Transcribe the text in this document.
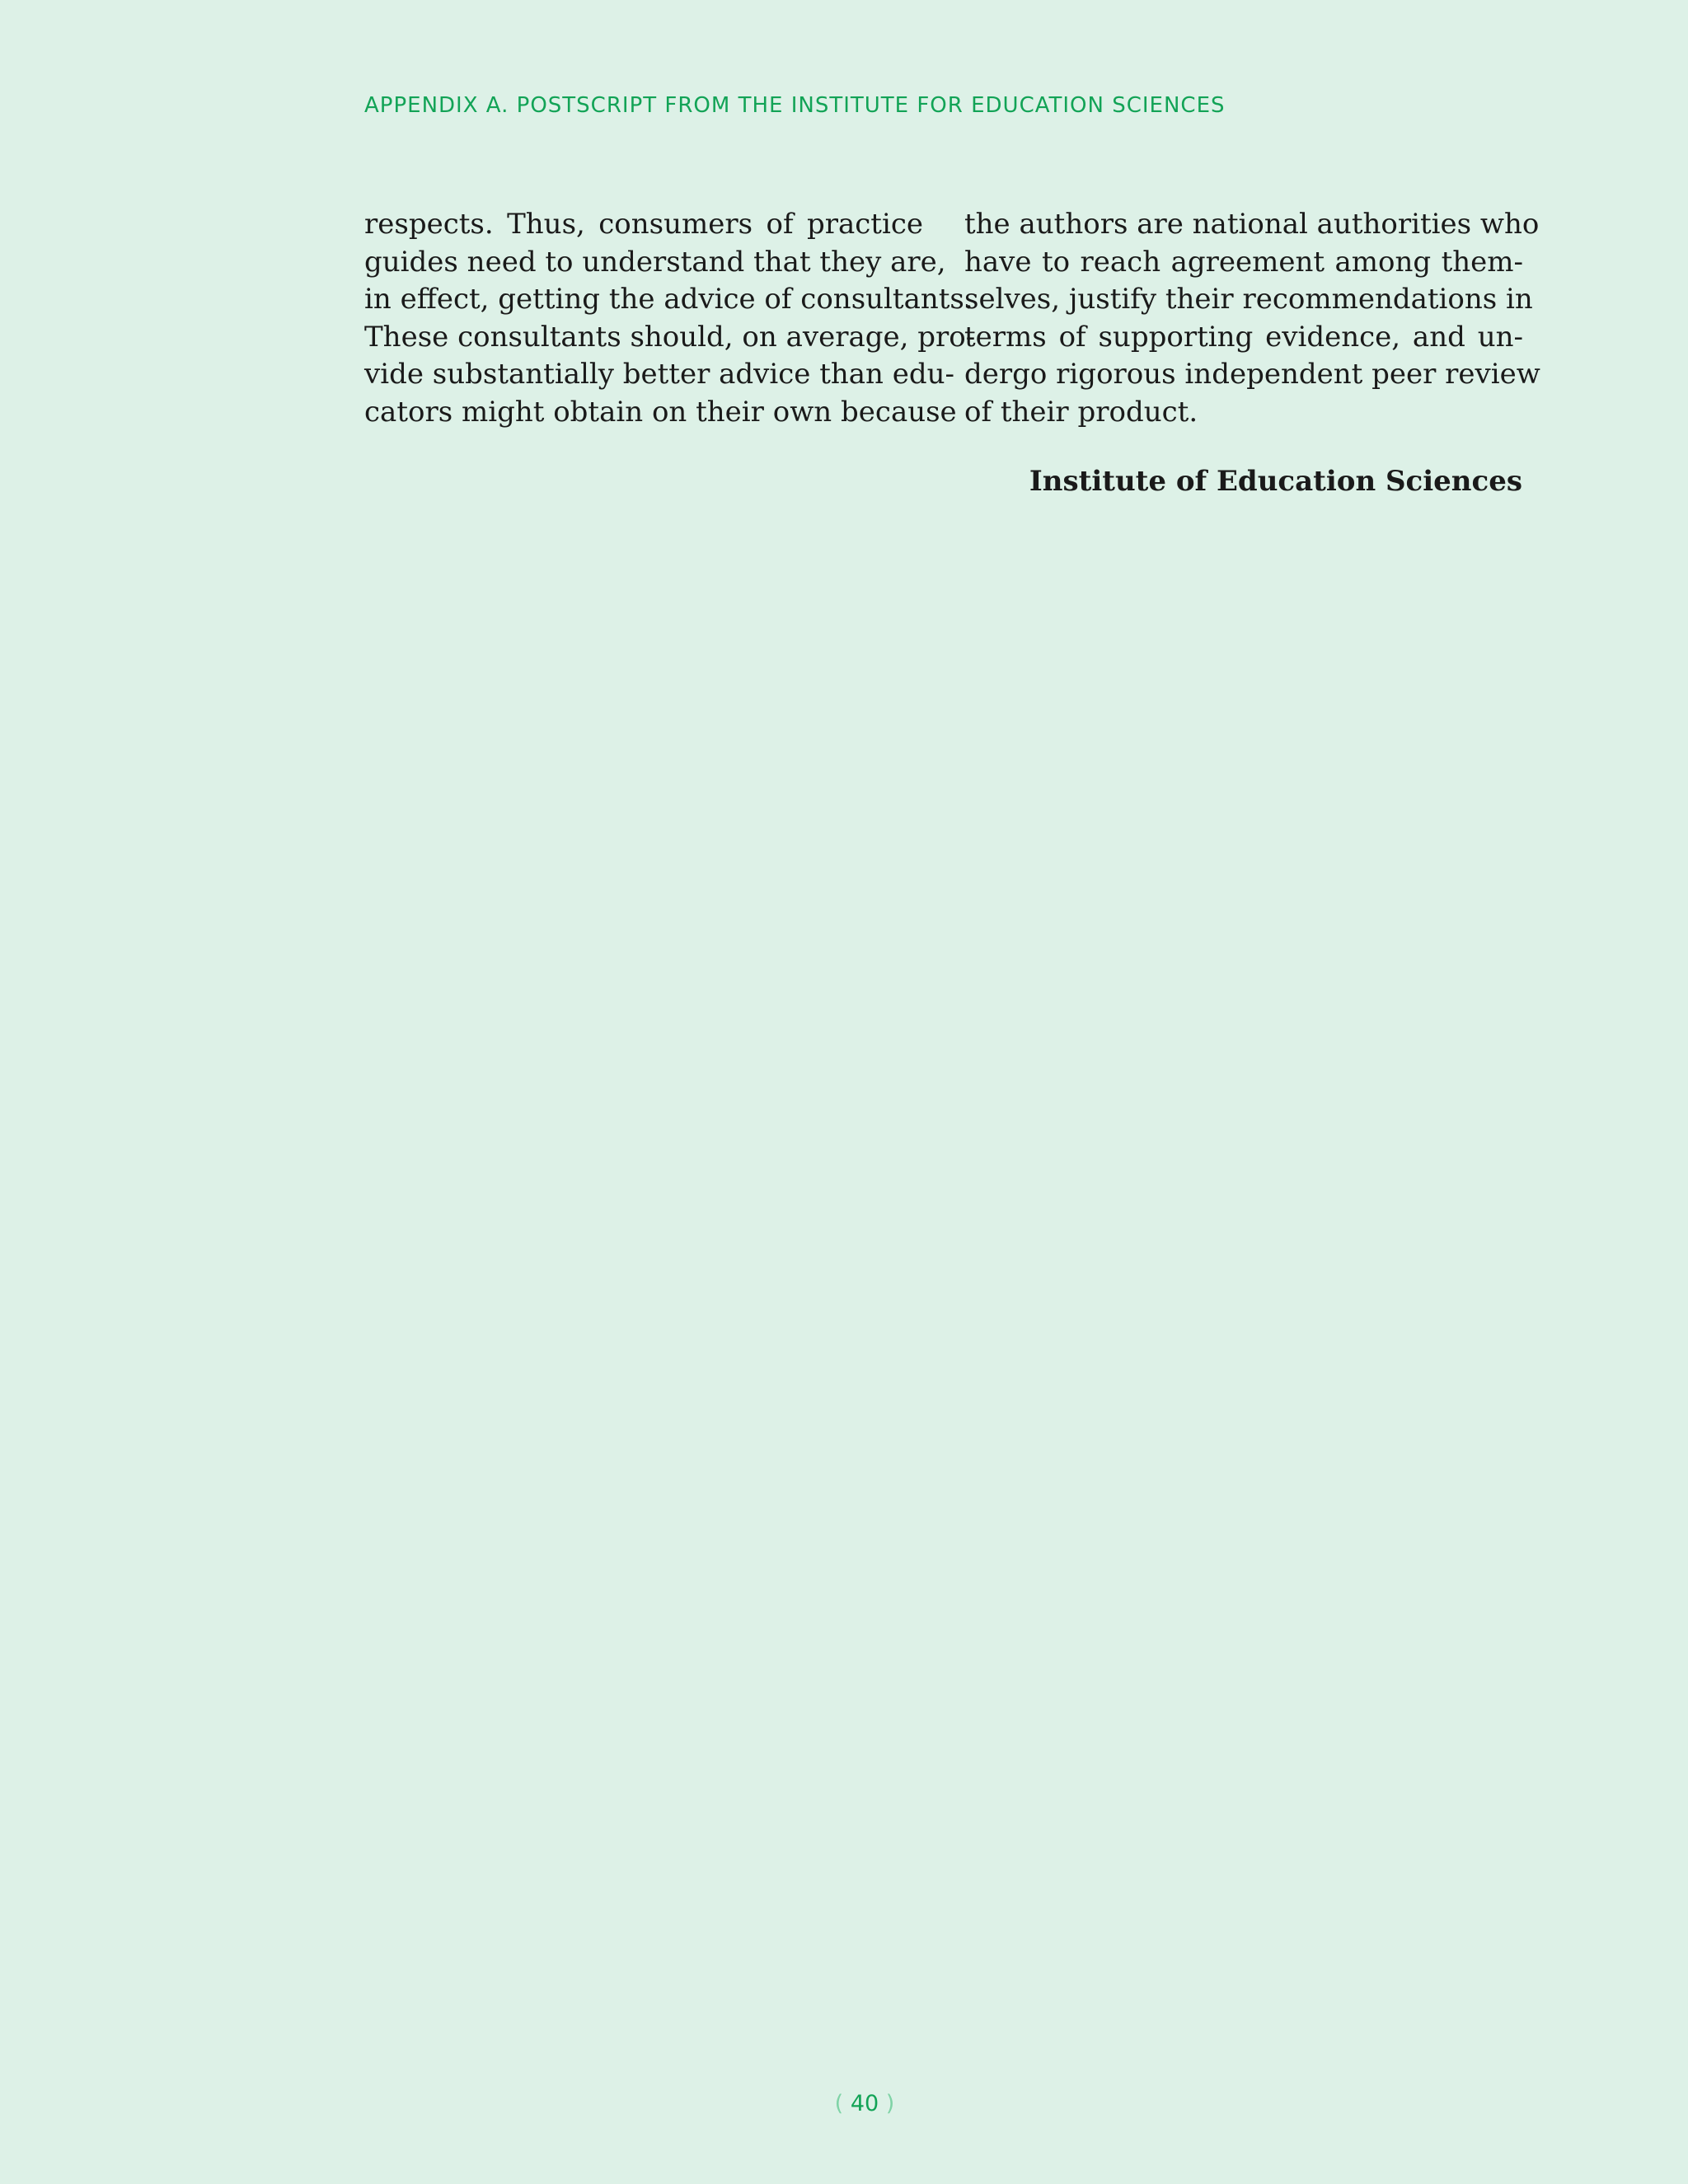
APPENDIX A. POSTSCRIPT FROM THE INSTITUTE FOR EDUCATION SCIENCES
respects. Thus, consumers of practice
guides need to understand that they are,
in effect, getting the advice of consultants.
These consultants should, on average, pro-
vide substantially better advice than edu-
cators might obtain on their own because
the authors are national authorities who
have to reach agreement among them-
selves, justify their recommendations in
terms of supporting evidence, and un-
dergo rigorous independent peer review
of their product.
Institute of Education Sciences
( 40 )
